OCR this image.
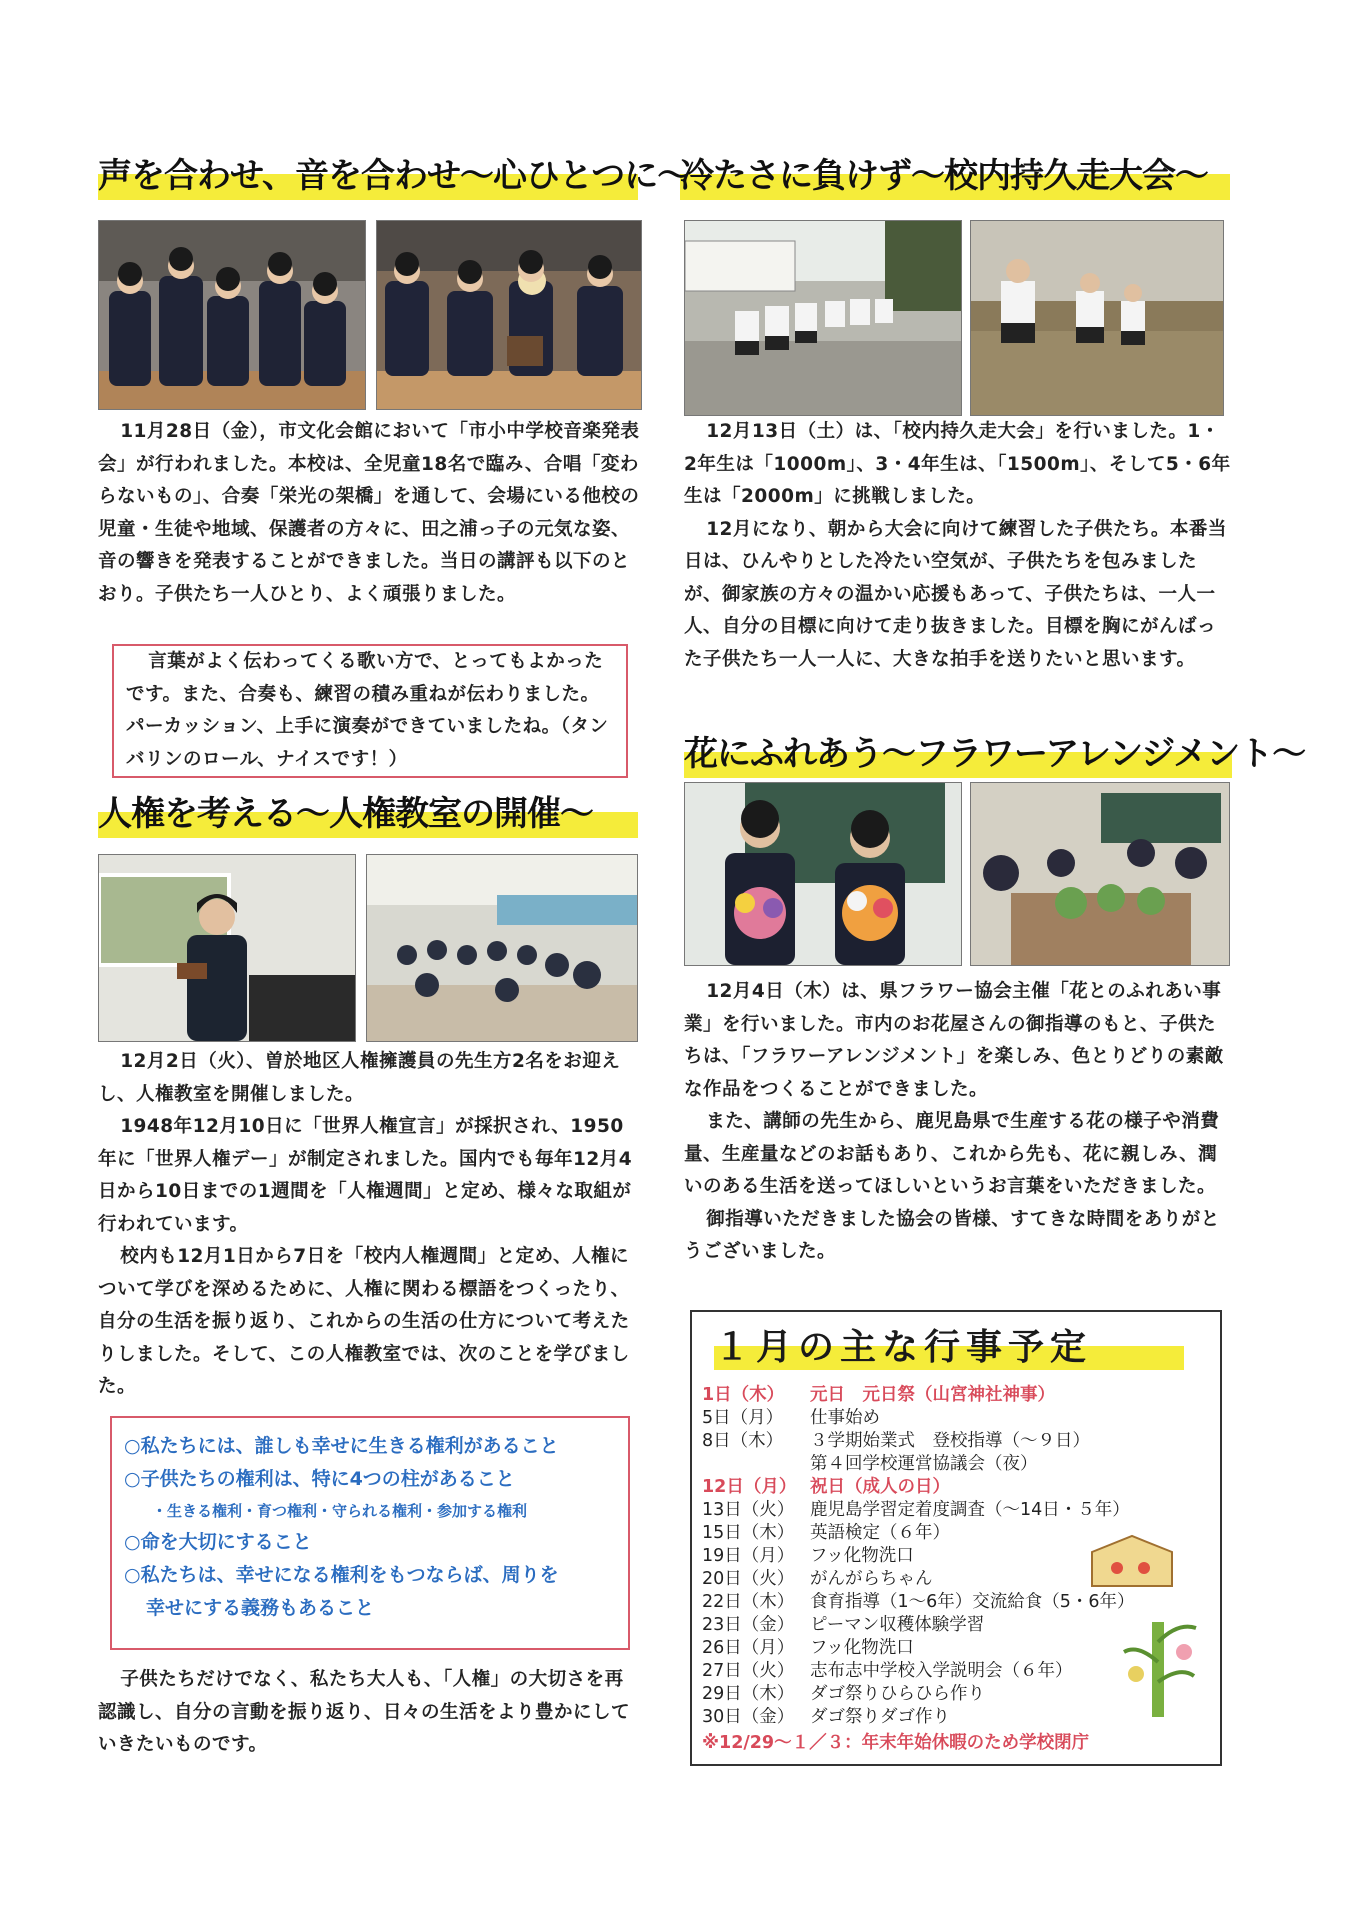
声を合わせ、音を合わせ～心ひとつに～

11月28日（金），市文化会館において「市小中学校音楽発表会」が行われました。本校は、全児童18名で臨み、合唱「変わらないもの」、合奏「栄光の架橋」を通して、会場にいる他校の児童・生徒や地域、保護者の方々に、田之浦っ子の元気な姿、音の響きを発表することができました。当日の講評も以下のとおり。子供たち一人ひとり、よく頑張りました。

言葉がよく伝わってくる歌い方で、とってもよかったです。また、合奏も、練習の積み重ねが伝わりました。パーカッション、上手に演奏ができていましたね。（タンバリンのロール、ナイスです！）
人権を考える～人権教室の開催～

12月2日（火）、曽於地区人権擁護員の先生方2名をお迎えし、人権教室を開催しました。

1948年12月10日に「世界人権宣言」が採択され、1950年に「世界人権デー」が制定されました。国内でも毎年12月4日から10日までの1週間を「人権週間」と定め、様々な取組が行われています。

校内も12月1日から7日を「校内人権週間」と定め、人権について学びを深めるために、人権に関わる標語をつくったり、自分の生活を振り返り、これからの生活の仕方について考えたりしました。そして、この人権教室では、次のことを学びました。

○私たちには、誰しも幸せに生きる権利があること
○子供たちの権利は、特に4つの柱があること
・生きる権利・育つ権利・守られる権利・参加する権利
○命を大切にすること
○私たちは、幸せになる権利をもつならば、周りを
幸せにする義務もあること

子供たちだけでなく、私たち大人も、「人権」の大切さを再認識し、自分の言動を振り返り、日々の生活をより豊かにしていきたいものです。

冷たさに負けず～校内持久走大会～

12月13日（土）は、「校内持久走大会」を行いました。1・2年生は「1000m」、3・4年生は、「1500m」、そして5・6年生は「2000m」に挑戦しました。

12月になり、朝から大会に向けて練習した子供たち。本番当日は、ひんやりとした冷たい空気が、子供たちを包みましたが、御家族の方々の温かい応援もあって、子供たちは、一人一人、自分の目標に向けて走り抜きました。目標を胸にがんばった子供たち一人一人に、大きな拍手を送りたいと思います。

花にふれあう～フラワーアレンジメント～

12月4日（木）は、県フラワー協会主催「花とのふれあい事業」を行いました。市内のお花屋さんの御指導のもと、子供たちは、「フラワーアレンジメント」を楽しみ、色とりどりの素敵な作品をつくることができました。

また、講師の先生から、鹿児島県で生産する花の様子や消費量、生産量などのお話もあり、これから先も、花に親しみ、潤いのある生活を送ってほしいというお言葉をいただきました。

御指導いただきました協会の皆様、すてきな時間をありがとうございました。

１月の主な行事予定
1日（木） 元日　元日祭（山宮神社神事）
5日（月） 仕事始め
8日（木） ３学期始業式　登校指導（～９日）
第４回学校運営協議会（夜）
12日（月） 祝日（成人の日）
13日（火） 鹿児島学習定着度調査（～14日・５年）
15日（木） 英語検定（６年）
19日（月） フッ化物洗口
20日（火） がんがらちゃん
22日（木） 食育指導（1～6年）交流給食（5・6年）
23日（金） ピーマン収穫体験学習
26日（月） フッ化物洗口
27日（火） 志布志中学校入学説明会（６年）
29日（木） ダゴ祭りひらひら作り
30日（金） ダゴ祭りダゴ作り
※12/29～１／３：年末年始休暇のため学校閉庁
